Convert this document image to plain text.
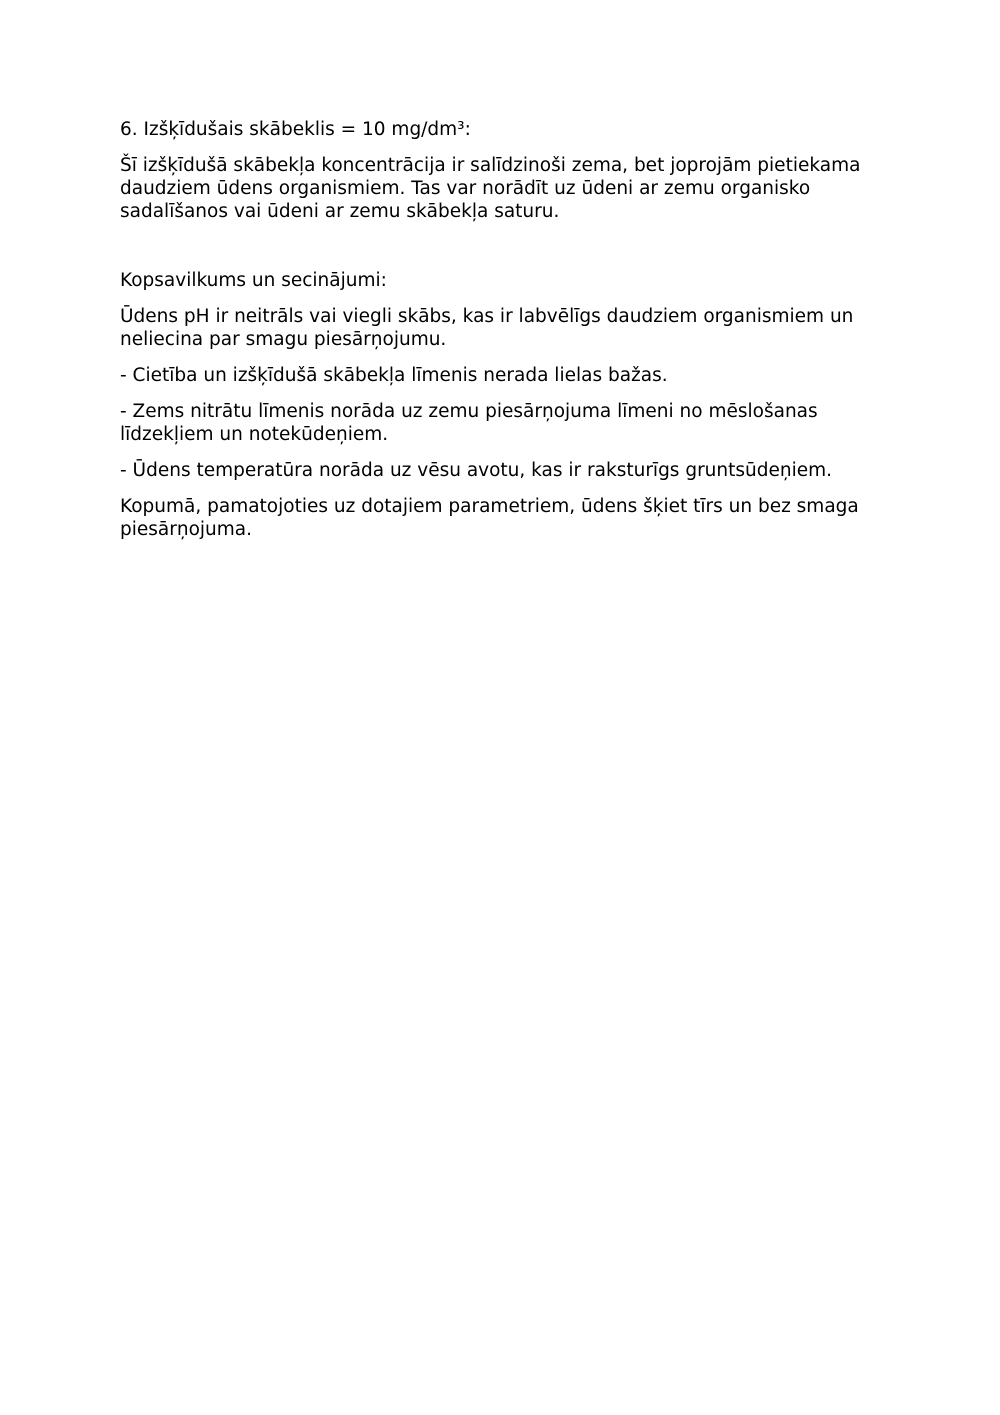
6. Izšķīdušais skābeklis = 10 mg/dm³:

Šī izšķīdušā skābekļa koncentrācija ir salīdzinoši zema, bet joprojām pietiekama daudziem ūdens organismiem. Tas var norādīt uz ūdeni ar zemu organisko sadalīšanos vai ūdeni ar zemu skābekļa saturu.

Kopsavilkums un secinājumi:

Ūdens pH ir neitrāls vai viegli skābs, kas ir labvēlīgs daudziem organismiem un neliecina par smagu piesārņojumu.

- Cietība un izšķīdušā skābekļa līmenis nerada lielas bažas.

- Zems nitrātu līmenis norāda uz zemu piesārņojuma līmeni no mēslošanas līdzekļiem un notekūdeņiem.

- Ūdens temperatūra norāda uz vēsu avotu, kas ir raksturīgs gruntsūdeņiem.

Kopumā, pamatojoties uz dotajiem parametriem, ūdens šķiet tīrs un bez smaga piesārņojuma.
